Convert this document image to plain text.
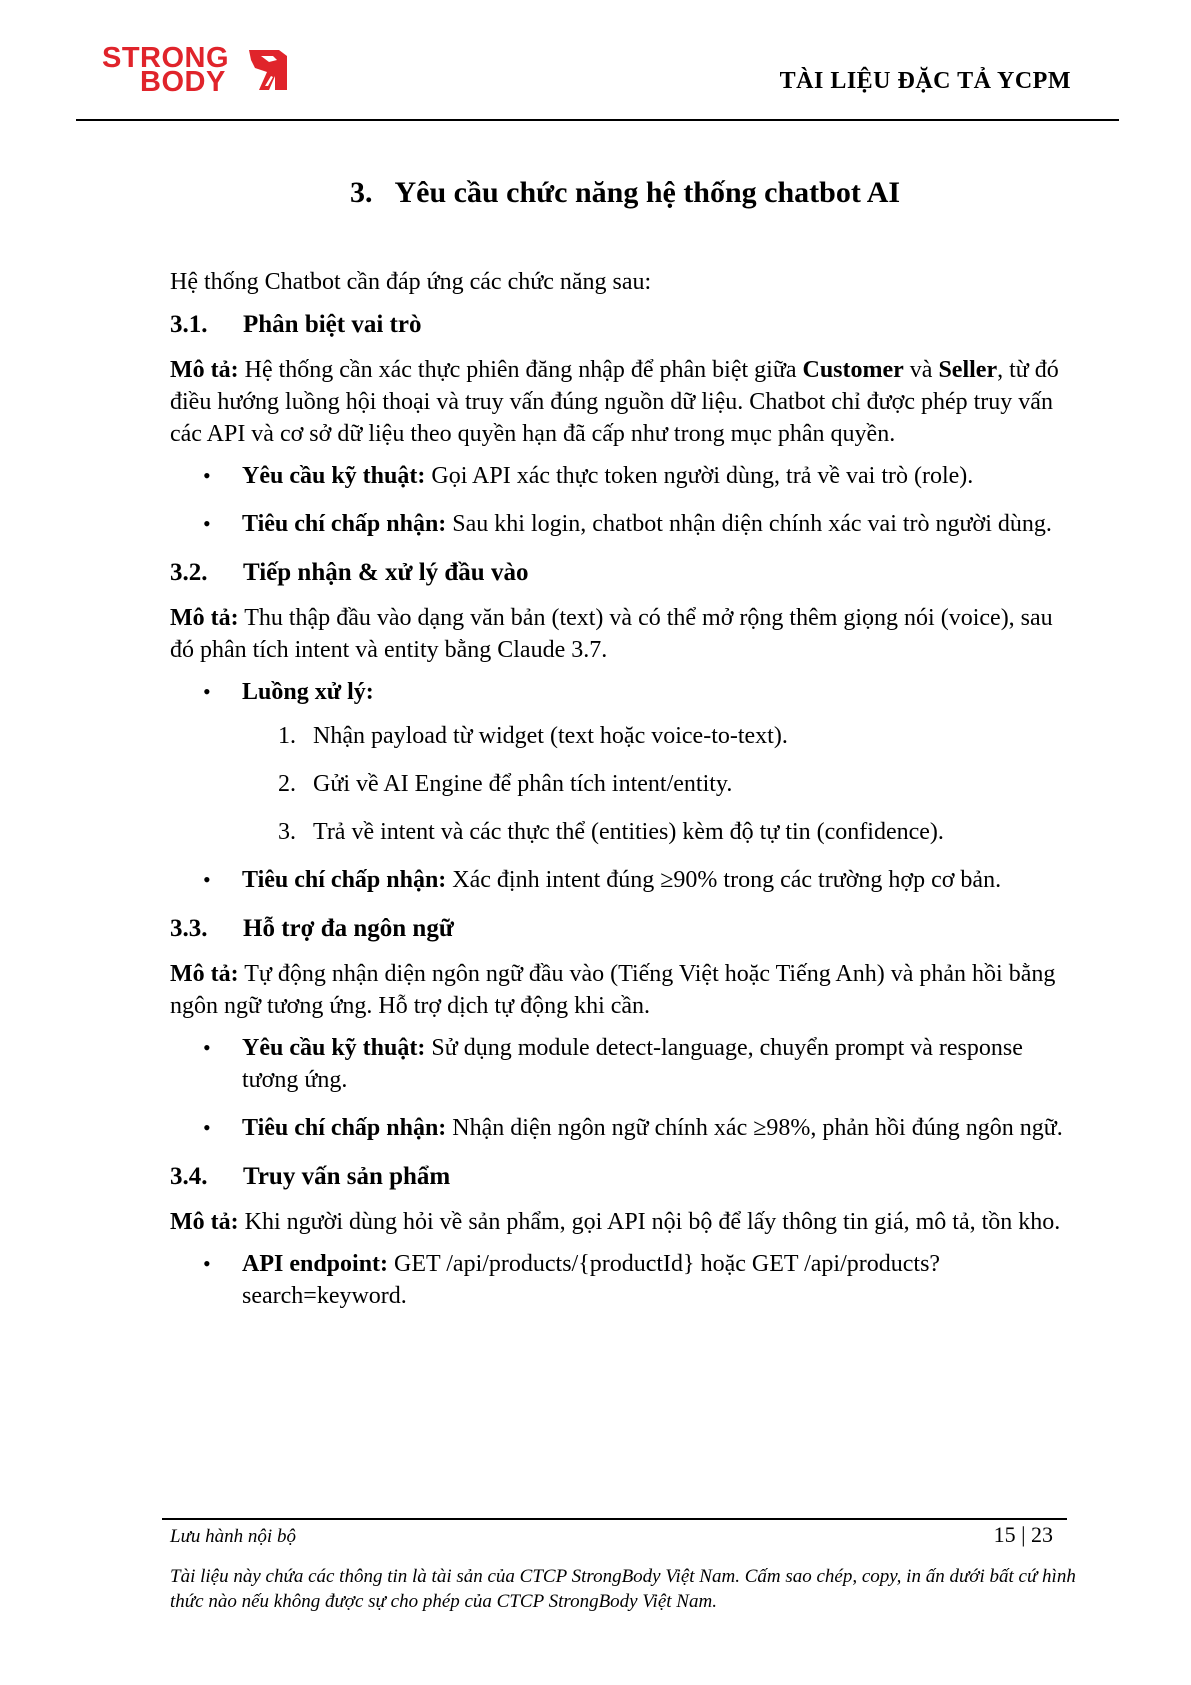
STRONG
BODY	TÀI LIỆU ĐẶC TẢ YCPM
3. Yêu cầu chức năng hệ thống chatbot AI

Hệ thống Chatbot cần đáp ứng các chức năng sau:

3.1. Phân biệt vai trò

Mô tả: Hệ thống cần xác thực phiên đăng nhập để phân biệt giữa Customer và Seller, từ đó điều hướng luồng hội thoại và truy vấn đúng nguồn dữ liệu. Chatbot chỉ được phép truy vấn các API và cơ sở dữ liệu theo quyền hạn đã cấp như trong mục phân quyền.

• Yêu cầu kỹ thuật: Gọi API xác thực token người dùng, trả về vai trò (role).
• Tiêu chí chấp nhận: Sau khi login, chatbot nhận diện chính xác vai trò người dùng.
3.2. Tiếp nhận & xử lý đầu vào

Mô tả: Thu thập đầu vào dạng văn bản (text) và có thể mở rộng thêm giọng nói (voice), sau đó phân tích intent và entity bằng Claude 3.7.

• Luồng xử lý:
1. Nhận payload từ widget (text hoặc voice-to-text).
2. Gửi về AI Engine để phân tích intent/entity.
3. Trả về intent và các thực thể (entities) kèm độ tự tin (confidence).
• Tiêu chí chấp nhận: Xác định intent đúng ≥90% trong các trường hợp cơ bản.
3.3. Hỗ trợ đa ngôn ngữ

Mô tả: Tự động nhận diện ngôn ngữ đầu vào (Tiếng Việt hoặc Tiếng Anh) và phản hồi bằng ngôn ngữ tương ứng. Hỗ trợ dịch tự động khi cần.

• Yêu cầu kỹ thuật: Sử dụng module detect-language, chuyển prompt và response tương ứng.
• Tiêu chí chấp nhận: Nhận diện ngôn ngữ chính xác ≥98%, phản hồi đúng ngôn ngữ.
3.4. Truy vấn sản phẩm

Mô tả: Khi người dùng hỏi về sản phẩm, gọi API nội bộ để lấy thông tin giá, mô tả, tồn kho.

• API endpoint: GET /api/products/{productId} hoặc GET /api/products?search=keyword.
Lưu hành nội bộ	15 | 23
Tài liệu này chứa các thông tin là tài sản của CTCP StrongBody Việt Nam. Cấm sao chép, copy, in ấn dưới bất cứ hình thức nào nếu không được sự cho phép của CTCP StrongBody Việt Nam.
